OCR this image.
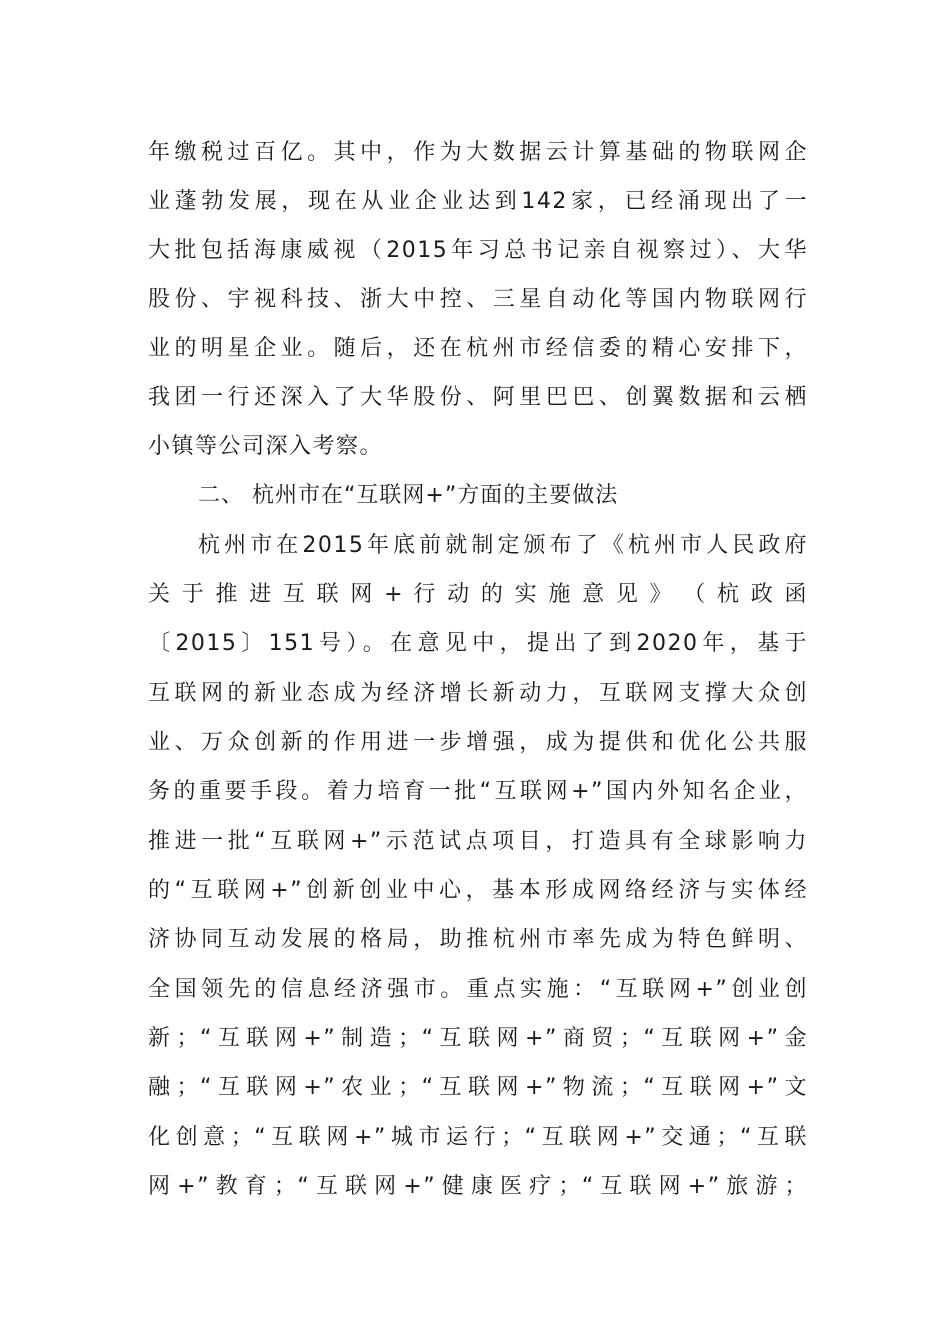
年缴税过百亿。其中，作为大数据云计算基础的物联网企
业蓬勃发展，现在从业企业达到142家，已经涌现出了一
大批包括海康威视（2015年习总书记亲自视察过）、大华
股份、宇视科技、浙大中控、三星自动化等国内物联网行
业的明星企业。随后，还在杭州市经信委的精心安排下，
我团一行还深入了大华股份、阿里巴巴、创翼数据和云栖
小镇等公司深入考察。
二、 杭州市在“互联网+”方面的主要做法
杭州市在2015年底前就制定颁布了《杭州市人民政府
关 于 推 进 互 联 网 + 行 动 的 实 施 意 见 》 （ 杭 政 函
〔2015〕151号）。在意见中，提出了到2020年，基于
互联网的新业态成为经济增长新动力，互联网支撑大众创
业、万众创新的作用进一步增强，成为提供和优化公共服
务的重要手段。着力培育一批“互联网+”国内外知名企业，
推进一批“互联网+”示范试点项目，打造具有全球影响力
的“互联网+”创新创业中心，基本形成网络经济与实体经
济协同互动发展的格局，助推杭州市率先成为特色鲜明、
全国领先的信息经济强市。重点实施：“互联网+”创业创
新；“互联网+”制造；“互联网+”商贸；“互联网+”金
融；“互联网+”农业；“互联网+”物流；“互联网+”文
化创意；“互联网+”城市运行；“互联网+”交通；“互联
网+”教育；“互联网+”健康医疗；“互联网+”旅游；
